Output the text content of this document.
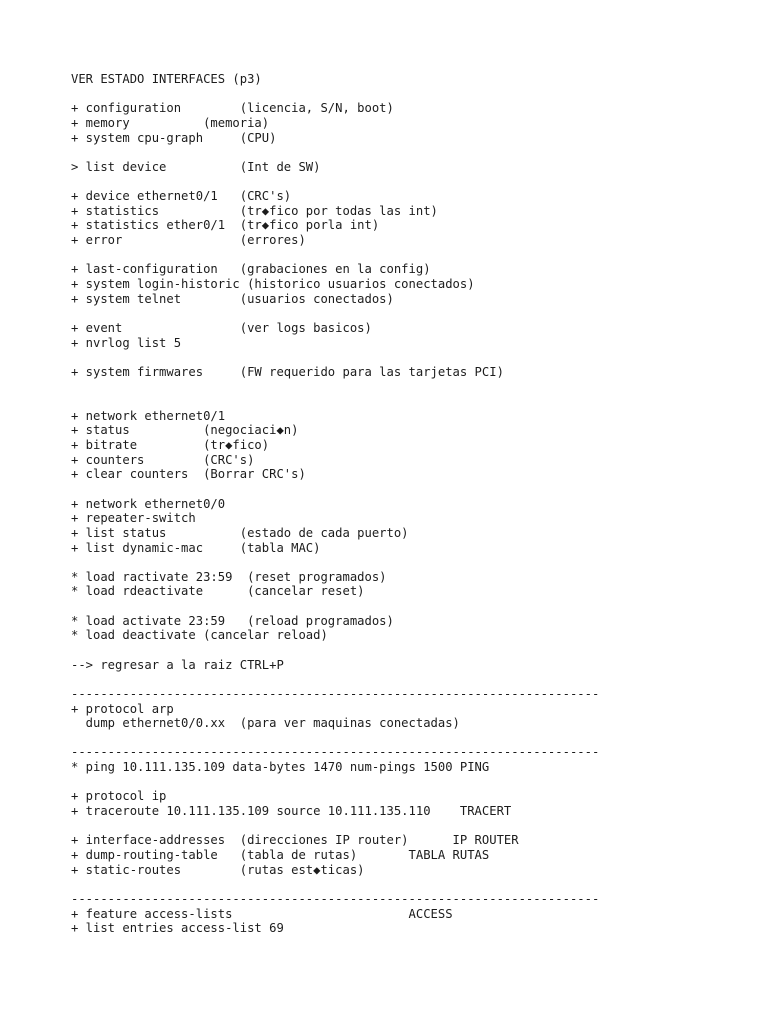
VER ESTADO INTERFACES (p3)
+ configuration        (licencia, S/N, boot)
+ memory          (memoria)
+ system cpu-graph     (CPU)
> list device          (Int de SW)
+ device ethernet0/1   (CRC's)
+ statistics           (tr◆fico por todas las int)
+ statistics ether0/1  (tr◆fico porla int)
+ error                (errores)
+ last-configuration   (grabaciones en la config)
+ system login-historic (historico usuarios conectados)
+ system telnet        (usuarios conectados)
+ event                (ver logs basicos)
+ nvrlog list 5
+ system firmwares     (FW requerido para las tarjetas PCI)
+ network ethernet0/1
+ status          (negociaci◆n)
+ bitrate         (tr◆fico)
+ counters        (CRC's)
+ clear counters  (Borrar CRC's)
+ network ethernet0/0
+ repeater-switch
+ list status          (estado de cada puerto)
+ list dynamic-mac     (tabla MAC)
* load ractivate 23:59  (reset programados)
* load rdeactivate      (cancelar reset)
* load activate 23:59   (reload programados)
* load deactivate (cancelar reload)
--> regresar a la raiz CTRL+P
------------------------------------------------------------------------
+ protocol arp
dump ethernet0/0.xx  (para ver maquinas conectadas)
------------------------------------------------------------------------
* ping 10.111.135.109 data-bytes 1470 num-pings 1500 PING
+ protocol ip
+ traceroute 10.111.135.109 source 10.111.135.110    TRACERT
+ interface-addresses  (direcciones IP router)      IP ROUTER
+ dump-routing-table   (tabla de rutas)       TABLA RUTAS
+ static-routes        (rutas est◆ticas)
------------------------------------------------------------------------
+ feature access-lists                        ACCESS
+ list entries access-list 69
